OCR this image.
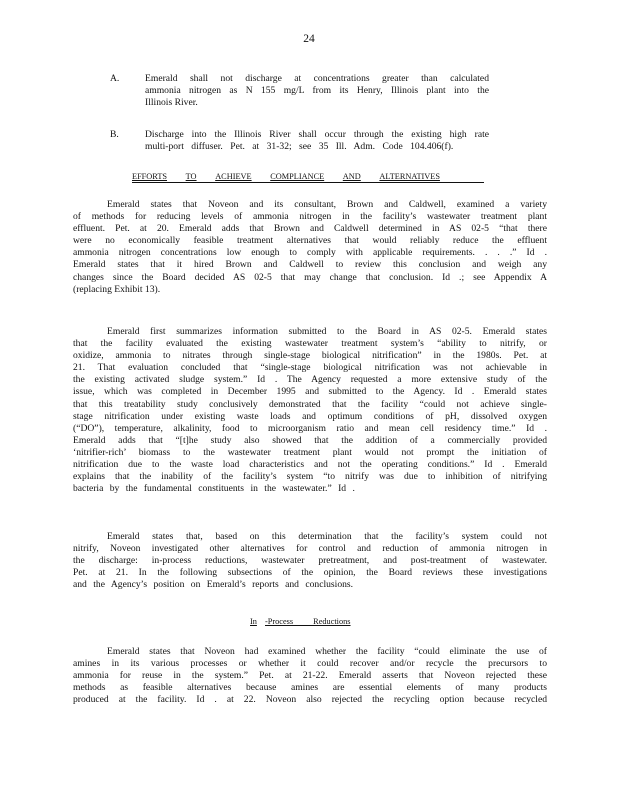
24
A.	Emerald shall not discharge at concentrations greater than calculated
ammonia nitrogen as N 155 mg/L from its Henry, Illinois plant into the
Illinois River.
B.	Discharge into the Illinois River shall occur through the existing high rate
multi-port diffuser. Pet. at 31-32; see 35 Ill. Adm. Code 104.406(f).
EFFORTS TO ACHIEVE COMPLIANCE AND ALTERNATIVES
Emerald states that Noveon and its consultant, Brown and Caldwell, examined a variety
of methods for reducing levels of ammonia nitrogen in the facility’s wastewater treatment plant
effluent. Pet. at 20. Emerald adds that Brown and Caldwell determined in AS 02-5 “that there
were no economically feasible treatment alternatives that would reliably reduce the effluent
ammonia nitrogen concentrations low enough to comply with applicable requirements. . . .” Id .
Emerald states that it hired Brown and Caldwell to review this conclusion and weigh any
changes since the Board decided AS 02-5 that may change that conclusion. Id .; see Appendix A
(replacing Exhibit 13).
Emerald first summarizes information submitted to the Board in AS 02-5. Emerald states
that the facility evaluated the existing wastewater treatment system’s “ability to nitrify, or
oxidize, ammonia to nitrates through single-stage biological nitrification” in the 1980s. Pet. at
21. That evaluation concluded that “single-stage biological nitrification was not achievable in
the existing activated sludge system.” Id . The Agency requested a more extensive study of the
issue, which was completed in December 1995 and submitted to the Agency. Id . Emerald states
that this treatability study conclusively demonstrated that the facility “could not achieve single-
stage nitrification under existing waste loads and optimum conditions of pH, dissolved oxygen
(“DO”), temperature, alkalinity, food to microorganism ratio and mean cell residency time.” Id .
Emerald adds that “[t]he study also showed that the addition of a commercially provided
‘nitrifier-rich’ biomass to the wastewater treatment plant would not prompt the initiation of
nitrification due to the waste load characteristics and not the operating conditions.” Id . Emerald
explains that the inability of the facility’s system “to nitrify was due to inhibition of nitrifying
bacteria by the fundamental constituents in the wastewater.” Id .
Emerald states that, based on this determination that the facility’s system could not
nitrify, Noveon investigated other alternatives for control and reduction of ammonia nitrogen in
the discharge: in-process reductions, wastewater pretreatment, and post-treatment of wastewater.
Pet. at 21. In the following subsections of the opinion, the Board reviews these investigations
and the Agency’s position on Emerald’s reports and conclusions.
In -Process Reductions
Emerald states that Noveon had examined whether the facility “could eliminate the use of
amines in its various processes or whether it could recover and/or recycle the precursors to
ammonia for reuse in the system.” Pet. at 21-22. Emerald asserts that Noveon rejected these
methods as feasible alternatives because amines are essential elements of many products
produced at the facility. Id . at 22. Noveon also rejected the recycling option because recycled
